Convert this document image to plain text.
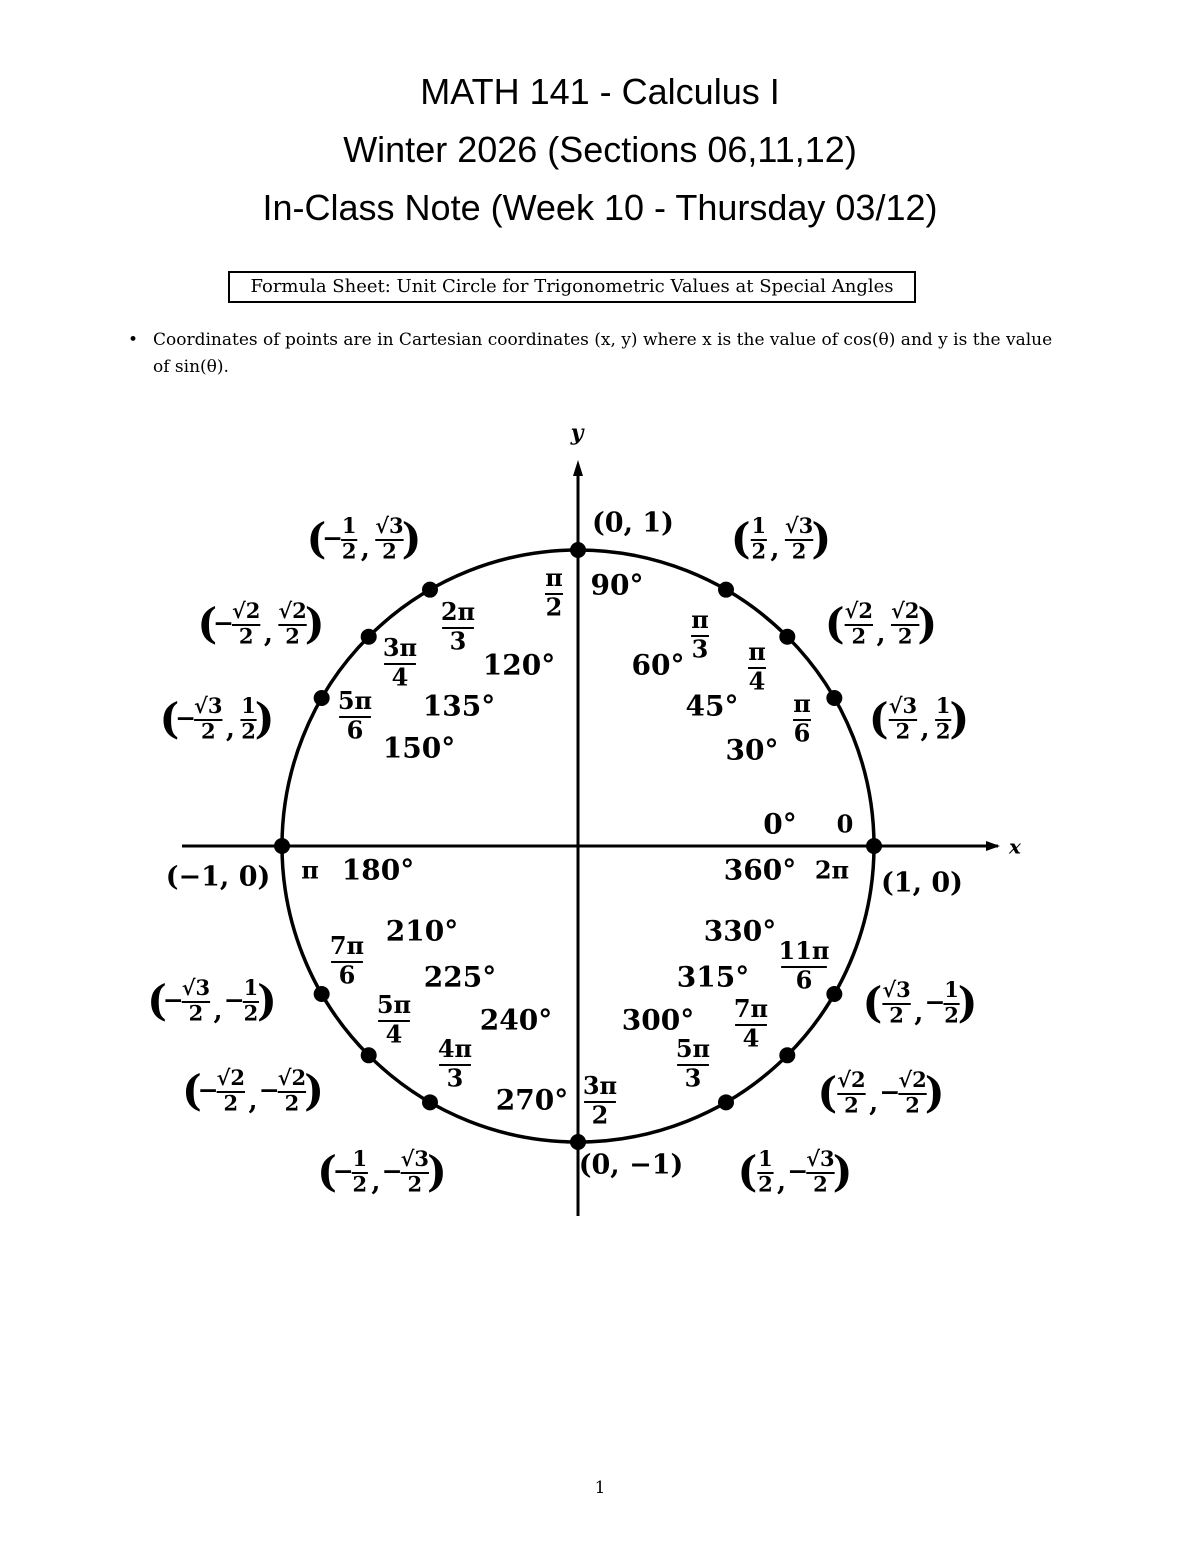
MATH 141 - Calculus I
Winter 2026 (Sections 06,11,12)
In-Class Note (Week 10 - Thursday 03/12)
Formula Sheet: Unit Circle for Trigonometric Values at Special Angles
• Coordinates of points are in Cartesian coordinates (x, y) where x is the value of cos(θ) and y is the value of sin(θ).
x
y
0
0°
(1, 0)
π
6
30°
( √3
2 ,
1
2
)
π
4
45°
( √2
2 ,
√2
2 )
π
3
60°
( 1
2 ,
√3
2 )
π
2
90°
(0, 1)
2π
3
120°
(
−
1
2 ,
√3
2 )
3π
4
135°
(
−
√2
2 ,
√2
2 )
5π
6
150°
(
−
√3
2 ,
1
2
)
π 180°
(−1, 0)
7π
6
210°
(
−
√3
2 , −
1
2
)	5π
4
225°
(
−
√2
2 , −
√2
2 )
4π
3
240°
(
−
1
2 , −
√3
2 )
3π
2
270°
(0, −1)
5π
3
300°
( 1
2 , −
√3
2 )
7π
4
315°
( √2
2 , −
√2
2 )
11π
6
330°
( √3
2 , −
1
2
)
2π
360°
1
